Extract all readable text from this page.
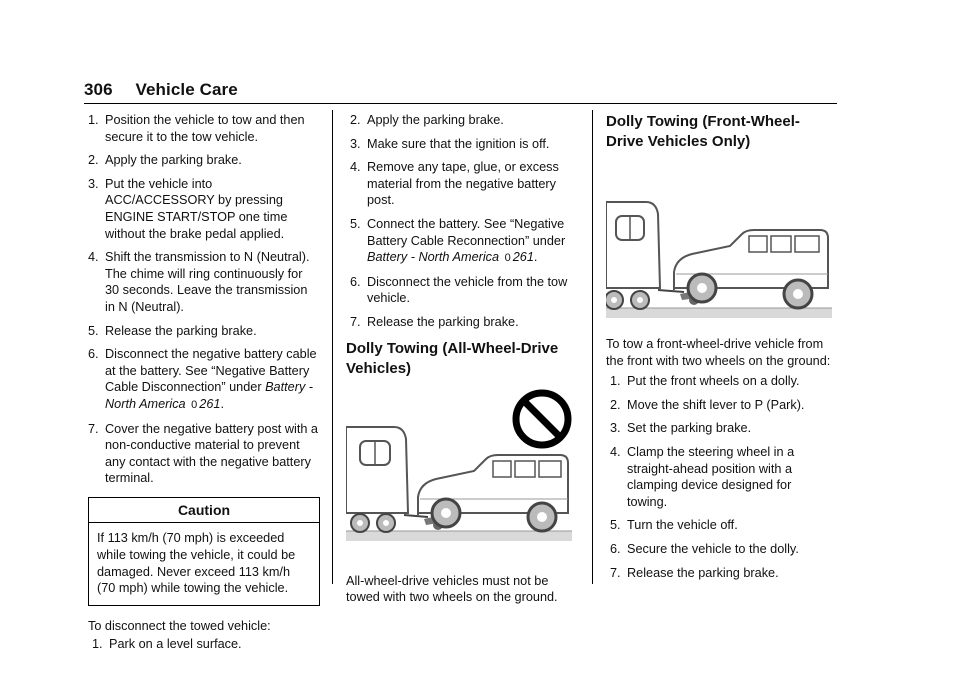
306 Vehicle Care
1. Position the vehicle to tow and then secure it to the tow vehicle.
2. Apply the parking brake.
3. Put the vehicle into ACC/ACCESSORY by pressing ENGINE START/STOP one time without the brake pedal applied.
4. Shift the transmission to N (Neutral). The chime will ring continuously for 30 seconds. Leave the transmission in N (Neutral).
5. Release the parking brake.
6. Disconnect the negative battery cable at the battery. See “Negative Battery Cable Disconnection” under Battery - North America 0 261.
7. Cover the negative battery post with a non-conductive material to prevent any contact with the negative battery terminal.
Caution
If 113 km/h (70 mph) is exceeded while towing the vehicle, it could be damaged. Never exceed 113 km/h (70 mph) while towing the vehicle.

To disconnect the towed vehicle:

1. Park on a level surface.
2. Apply the parking brake.
3. Make sure that the ignition is off.
4. Remove any tape, glue, or excess material from the negative battery post.
5. Connect the battery. See “Negative Battery Cable Reconnection” under Battery - North America 0 261.
6. Disconnect the vehicle from the tow vehicle.
7. Release the parking brake.
Dolly Towing (All-Wheel-Drive Vehicles)

All-wheel-drive vehicles must not be towed with two wheels on the ground.

Dolly Towing (Front-Wheel-Drive Vehicles Only)

To tow a front-wheel-drive vehicle from the front with two wheels on the ground:

1. Put the front wheels on a dolly.
2. Move the shift lever to P (Park).
3. Set the parking brake.
4. Clamp the steering wheel in a straight-ahead position with a clamping device designed for towing.
5. Turn the vehicle off.
6. Secure the vehicle to the dolly.
7. Release the parking brake.
